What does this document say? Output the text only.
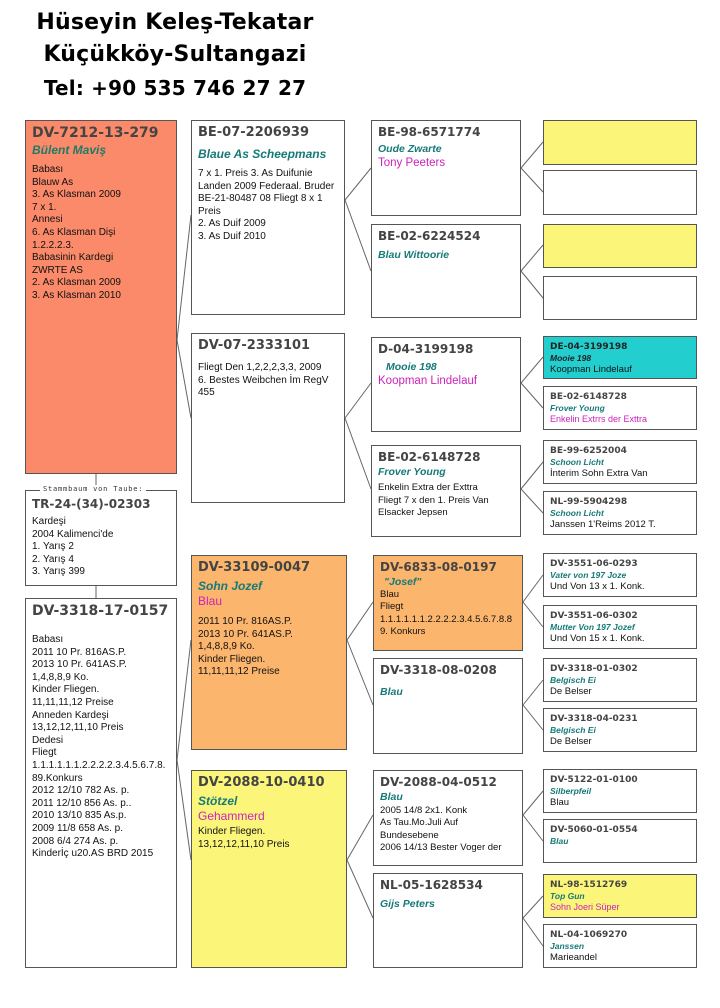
Hüseyin Keleş-Tekatar
Küçükköy-Sultangazi
Tel: +90 535 746 27 27
DV-7212-13-279
Bülent Maviş
Babası
Blauw As
3. As Klasman 2009
7 x 1.
Annesi
6. As Klasman Dişi
1.2.2.2.3.
Babasinin Kardegi
ZWRTE AS
2. As Klasman 2009
3. As Klasman 2010
TR-24-(34)-02303
Kardeşi
2004 Kalimenci'de
1. Yarış 2
2. Yarış 4
3. Yarış 399
Stammbaum von Taube:
DV-3318-17-0157
Babası
2011 10 Pr. 816AS.P.
2013 10 Pr. 641AS.P.
1,4,8,8,9 Ko.
Kinder Fliegen.
11,11,11,12 Preise
Anneden Kardeşi
13,12,12,11,10 Preis
Dedesi
Fliegt
1.1.1.1.1.1.2.2.2.2.3.4.5.6.7.8.
89.Konkurs
2012 12/10 782 As. p.
2011 12/10 856 As. p..
2010 13/10 835 As.p.
2009 11/8 658 As. p.
2008 6/4 274 As. p.
Kinderİç u20.AS BRD 2015
BE-07-2206939
Blaue As Scheepmans
7 x 1. Preis 3. As Duifunie
Landen 2009 Federaal. Bruder
BE-21-80487 08 Fliegt 8 x 1
Preis
2. As Duif 2009
3. As Duif 2010
DV-07-2333101
Fliegt Den 1,2,2,2,3,3, 2009
6. Bestes Weibchen İm RegV
455
DV-33109-0047
Sohn Jozef
Blau
2011 10 Pr. 816AS.P.
2013 10 Pr. 641AS.P.
1,4,8,8,9 Ko.
Kinder Fliegen.
11,11,11,12 Preise
DV-2088-10-0410
Stötzel
Gehammerd
Kinder Fliegen.
13,12,12,11,10 Preis
BE-98-6571774
Oude Zwarte
Tony Peeters
BE-02-6224524
Blau Wittoorie
D-04-3199198
Mooie 198
Koopman Lindelauf
BE-02-6148728
Frover Young
Enkelin Extra der Exttra
Fliegt 7 x den 1. Preis Van
Elsacker Jepsen
DV-6833-08-0197
"Josef"
Blau
Fliegt
1.1.1.1.1.1.2.2.2.2.3.4.5.6.7.8.8
9. Konkurs
DV-3318-08-0208
Blau
DV-2088-04-0512
Blau
2005 14/8 2x1. Konk
As Tau.Mo.Juli Auf
Bundesebene
2006 14/13 Bester Voger der
NL-05-1628534
Gijs Peters
DE-04-3199198
Mooie 198
Koopman Lindelauf
BE-02-6148728
Frover Young
Enkelin Extrrs der Exttra
BE-99-6252004
Schoon Licht
İnterim Sohn Extra Van
NL-99-5904298
Schoon Licht
Janssen 1'Reims 2012 T.
DV-3551-06-0293
Vater von 197 Joze
Und Von 13 x 1. Konk.
DV-3551-06-0302
Mutter Von 197 Jozef
Und Von 15 x 1. Konk.
DV-3318-01-0302
Belgisch Ei
De Belser
DV-3318-04-0231
Belgisch Ei
De Belser
DV-5122-01-0100
Silberpfeil
Blau
DV-5060-01-0554
Blau
NL-98-1512769
Top Gun
Sohn Joeri Süper
NL-04-1069270
Janssen
Marieandel
